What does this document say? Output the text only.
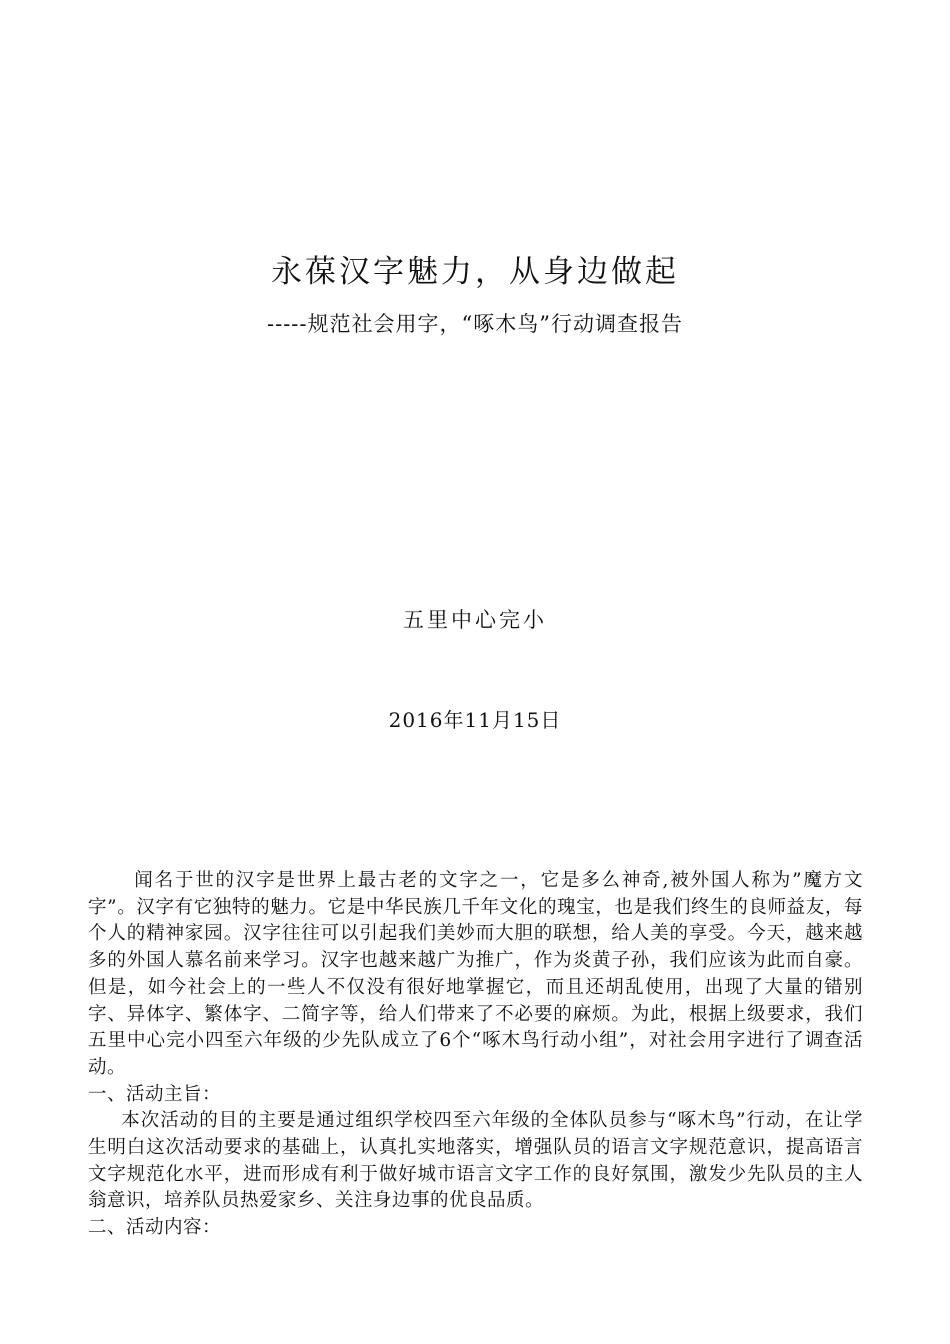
永葆汉字魅力，从身边做起
-----规范社会用字，“啄木鸟”行动调查报告
五里中心完小
2016年11月15日

闻名于世的汉字是世界上最古老的文字之一，它是多么神奇,被外国人称为”魔方文字”。汉字有它独特的魅力。它是中华民族几千年文化的瑰宝，也是我们终生的良师益友，每个人的精神家园。汉字往往可以引起我们美妙而大胆的联想，给人美的享受。今天，越来越多的外国人慕名前来学习。汉字也越来越广为推广，作为炎黄子孙，我们应该为此而自豪。但是，如今社会上的一些人不仅没有很好地掌握它，而且还胡乱使用，出现了大量的错别字、异体字、繁体字、二简字等，给人们带来了不必要的麻烦。为此，根据上级要求，我们五里中心完小四至六年级的少先队成立了6个“啄木鸟行动小组”，对社会用字进行了调查活动。

一、活动主旨：

本次活动的目的主要是通过组织学校四至六年级的全体队员参与“啄木鸟”行动，在让学生明白这次活动要求的基础上，认真扎实地落实，增强队员的语言文字规范意识，提高语言文字规范化水平，进而形成有利于做好城市语言文字工作的良好氛围，激发少先队员的主人翁意识，培养队员热爱家乡、关注身边事的优良品质。

二、活动内容：
